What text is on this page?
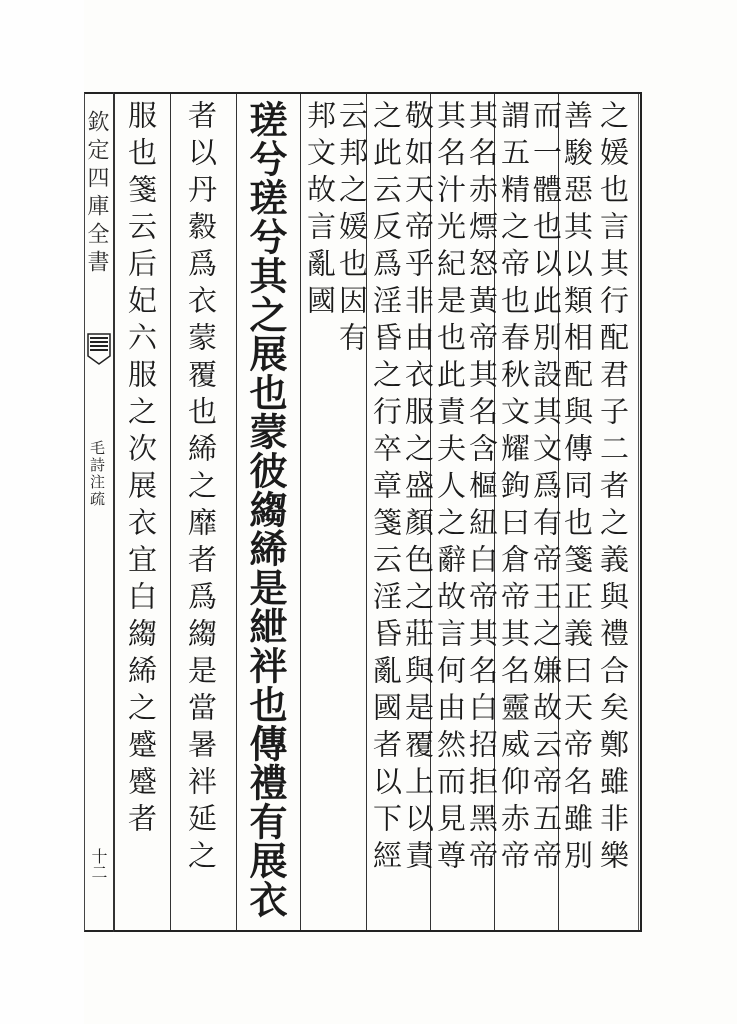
欽定四庫全書
毛詩注疏
十二	之媛也言其行配君子二者之義與禮合矣鄭雖非樂
善駿惡其以類相配與傳同也箋正義曰天帝名雖別
而一體也以此別設其文爲有帝王之嫌故云帝五帝
謂五精之帝也春秋文耀鉤曰倉帝其名靈威仰赤帝
其名赤熛怒黃帝其名含樞紐白帝其名白招拒黑帝
其名汁光紀是也此責夫人之辭故言何由然而見尊
敬如天帝乎非由衣服之盛顏色之莊與是覆上以責
之此云反爲淫昏之行卒章箋云淫昏亂國者以下經
云邦之媛也因有
邦文故言亂國
瑳兮瑳兮其之展也蒙彼縐絺是紲袢也傳禮有展衣
者以丹縠爲衣蒙覆也絺之靡者爲縐是當暑袢延之
服也箋云后妃六服之次展衣宜白縐絺之蹙蹙者
